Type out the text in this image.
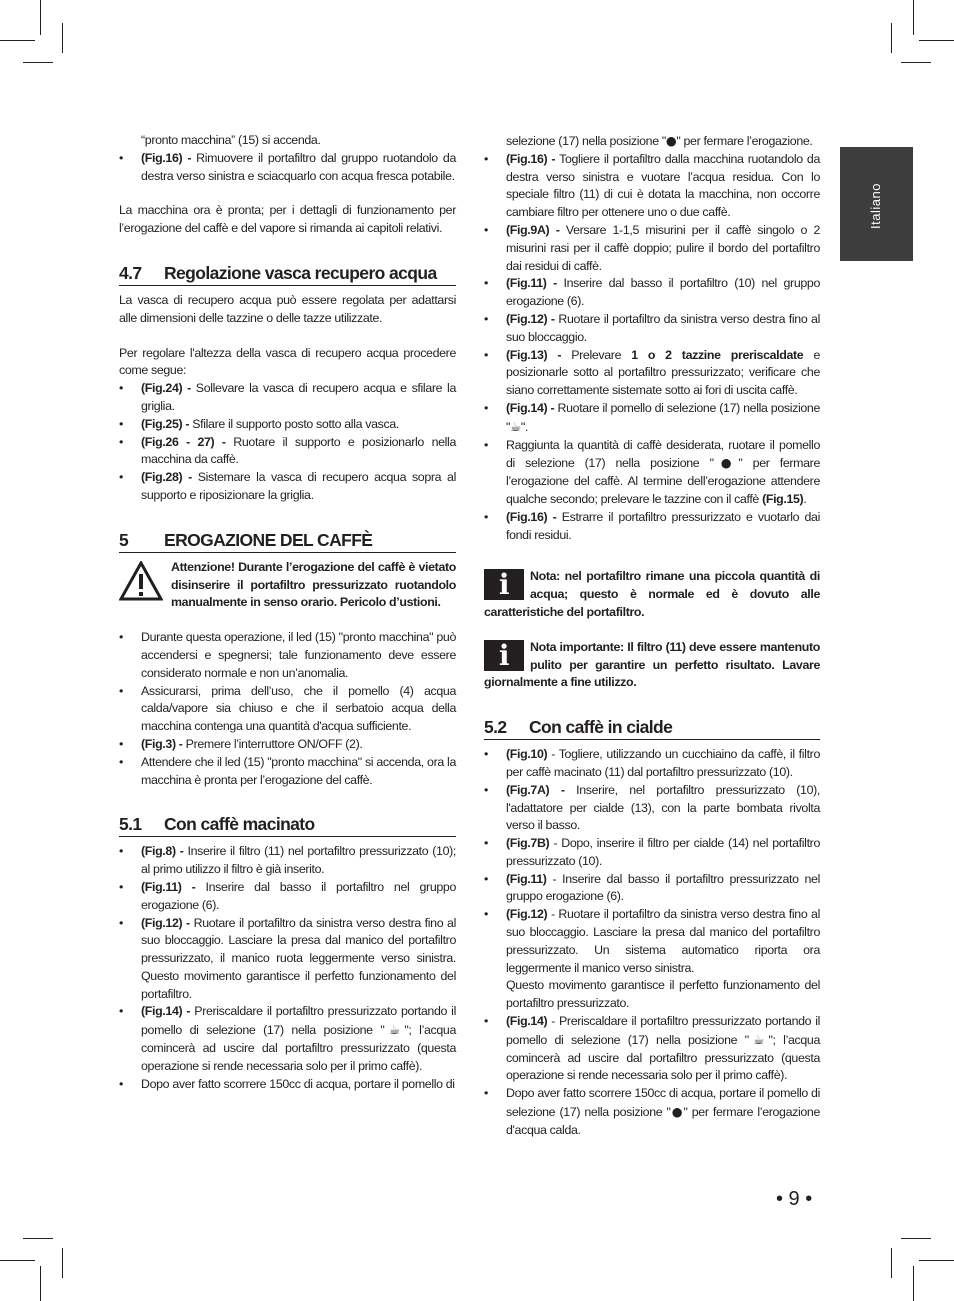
Italiano

“pronto macchina” (15) si accenda.

• (Fig.16) - Rimuovere il portafiltro dal gruppo ruotandolo da destra verso sinistra e sciacquarlo con acqua fresca potabile.

La macchina ora è pronta; per i dettagli di funzionamento per l’erogazione del caffè e del vapore si rimanda ai capitoli relativi.

4.7 Regolazione vasca recupero acqua

La vasca di recupero acqua può essere regolata per adattarsi alle dimensioni delle tazzine o delle tazze utilizzate.

Per regolare l'altezza della vasca di recupero acqua procedere come segue:

• (Fig.24) - Sollevare la vasca di recupero acqua e sfilare la griglia.
• (Fig.25) - Sfilare il supporto posto sotto alla vasca.
• (Fig.26 - 27) - Ruotare il supporto e posizionarlo nella macchina da caffè.
• (Fig.28) - Sistemare la vasca di recupero acqua sopra al supporto e riposizionare la griglia.
5 EROGAZIONE DEL CAFFÈ
Attenzione! Durante l’erogazione del caffè è vietato disinserire il portafiltro pressurizzato ruotandolo manualmente in senso orario. Pericolo d’ustioni.
• Durante questa operazione, il led (15) "pronto macchina" può accendersi e spegnersi; tale funzionamento deve essere considerato normale e non un’anomalia.
• Assicurarsi, prima dell’uso, che il pomello (4) acqua calda/vapore sia chiuso e che il serbatoio acqua della macchina contenga una quantità d'acqua sufficiente.
• (Fig.3) - Premere l’interruttore ON/OFF (2).
• Attendere che il led (15) "pronto macchina" si accenda, ora la macchina è pronta per l’erogazione del caffè.
5.1 Con caffè macinato
• (Fig.8) - Inserire il filtro (11) nel portafiltro pressurizzato (10); al primo utilizzo il filtro è già inserito.
• (Fig.11) - Inserire dal basso il portafiltro nel gruppo erogazione (6).
• (Fig.12) - Ruotare il portafiltro da sinistra verso destra fino al suo bloccaggio. Lasciare la presa dal manico del portafiltro pressurizzato, il manico ruota leggermente verso sinistra. Questo movimento garantisce il perfetto funzionamento del portafiltro.
• (Fig.14) - Preriscaldare il portafiltro pressurizzato portando il pomello di selezione (17) nella posizione "☕"; l’acqua comincerà ad uscire dal portafiltro pressurizzato (questa operazione si rende necessaria solo per il primo caffè).
• Dopo aver fatto scorrere 150cc di acqua, portare il pomello di

selezione (17) nella posizione "●" per fermare l’erogazione.

• (Fig.16) - Togliere il portafiltro dalla macchina ruotandolo da destra verso sinistra e vuotare l’acqua residua. Con lo speciale filtro (11) di cui è dotata la macchina, non occorre cambiare filtro per ottenere uno o due caffè.
• (Fig.9A) - Versare 1-1,5 misurini per il caffè singolo o 2 misurini rasi per il caffè doppio; pulire il bordo del portafiltro dai residui di caffè.
• (Fig.11) - Inserire dal basso il portafiltro (10) nel gruppo erogazione (6).
• (Fig.12) - Ruotare il portafiltro da sinistra verso destra fino al suo bloccaggio.
• (Fig.13) - Prelevare 1 o 2 tazzine preriscaldate e posizionarle sotto al portafiltro pressurizzato; verificare che siano correttamente sistemate sotto ai fori di uscita caffè.
• (Fig.14) - Ruotare il pomello di selezione (17) nella posizione "☕".
• Raggiunta la quantità di caffè desiderata, ruotare il pomello di selezione (17) nella posizione "●" per fermare l’erogazione del caffè. Al termine dell’erogazione attendere qualche secondo; prelevare le tazzine con il caffè (Fig.15).
• (Fig.16) - Estrarre il portafiltro pressurizzato e vuotarlo dai fondi residui.
i	Nota: nel portafiltro rimane una piccola quantità di acqua; questo è normale ed è dovuto alle caratteristiche del portafiltro.
i	Nota importante: Il filtro (11) deve essere mantenuto pulito per garantire un perfetto risultato. Lavare giornalmente a fine utilizzo.
5.2 Con caffè in cialde
• (Fig.10) - Togliere, utilizzando un cucchiaino da caffè, il filtro per caffè macinato (11) dal portafiltro pressurizzato (10).
• (Fig.7A) - Inserire, nel portafiltro pressurizzato (10), l'adattatore per cialde (13), con la parte bombata rivolta verso il basso.
• (Fig.7B) - Dopo, inserire il filtro per cialde (14) nel portafiltro pressurizzato (10).
• (Fig.11) - Inserire dal basso il portafiltro pressurizzato nel gruppo erogazione (6).
• (Fig.12) - Ruotare il portafiltro da sinistra verso destra fino al suo bloccaggio. Lasciare la presa dal manico del portafiltro pressurizzato. Un sistema automatico riporta ora leggermente il manico verso sinistra.

Questo movimento garantisce il perfetto funzionamento del portafiltro pressurizzato.

• (Fig.14) - Preriscaldare il portafiltro pressurizzato portando il pomello di selezione (17) nella posizione "☕"; l’acqua comincerà ad uscire dal portafiltro pressurizzato (questa operazione si rende necessaria solo per il primo caffè).
• Dopo aver fatto scorrere 150cc di acqua, portare il pomello di selezione (17) nella posizione "●" per fermare l’erogazione d'acqua calda.
• 9 •
